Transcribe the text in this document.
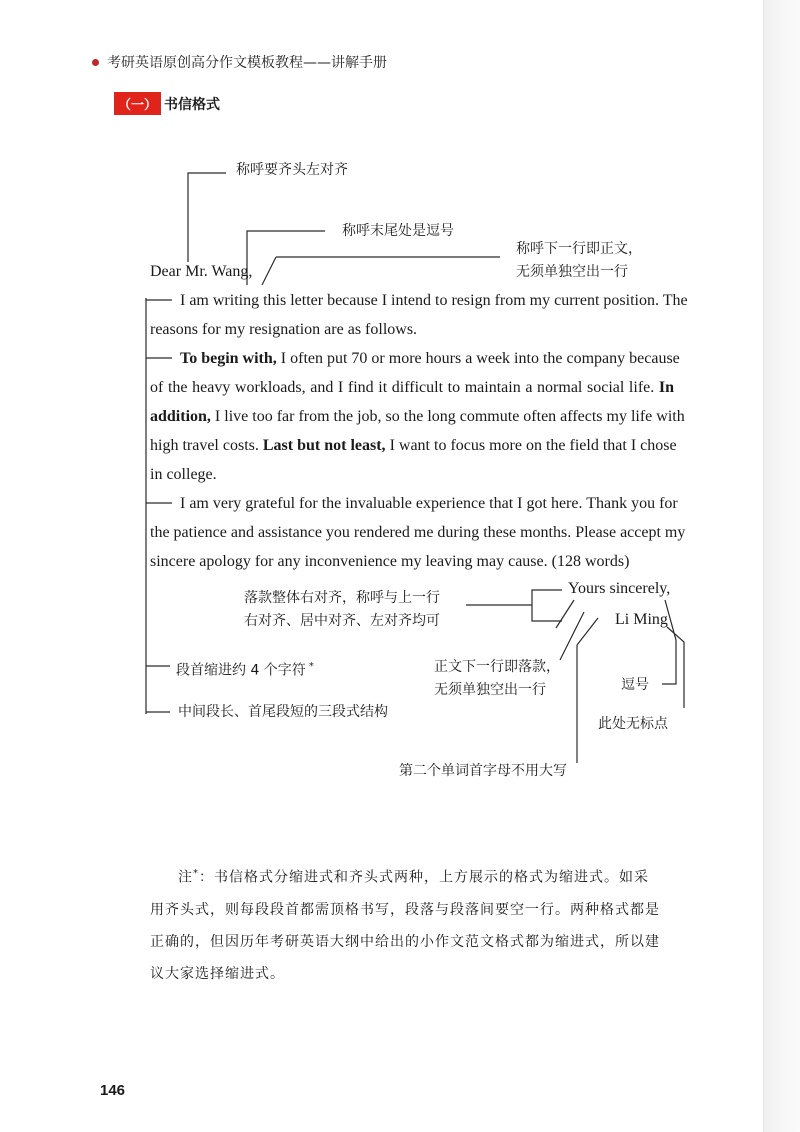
考研英语原创高分作文模板教程——讲解手册
（一） 书信格式
称呼要齐头左对齐
称呼末尾处是逗号
称呼下一行即正文，
无须单独空出一行
Dear Mr. Wang,
I am writing this letter because I intend to resign from my current position. The
reasons for my resignation are as follows.
To begin with, I often put 70 or more hours a week into the company because
of the heavy workloads, and I find it difficult to maintain a normal social life. In
addition, I live too far from the job, so the long commute often affects my life with
high travel costs. Last but not least, I want to focus more on the field that I chose
in college.
I am very grateful for the invaluable experience that I got here. Thank you for
the patience and assistance you rendered me during these months. Please accept my
sincere apology for any inconvenience my leaving may cause. (128 words)
Yours sincerely,
Li Ming
落款整体右对齐，称呼与上一行
右对齐、居中对齐、左对齐均可
段首缩进约 4 个字符 *	正文下一行即落款，
无须单独空出一行	逗号
此处无标点
中间段长、首尾段短的三段式结构
第二个单词首字母不用大写
注*：书信格式分缩进式和齐头式两种，上方展示的格式为缩进式。如采用齐头式，则每段段首都需顶格书写，段落与段落间要空一行。两种格式都是正确的，但因历年考研英语大纲中给出的小作文范文格式都为缩进式，所以建议大家选择缩进式。
146
